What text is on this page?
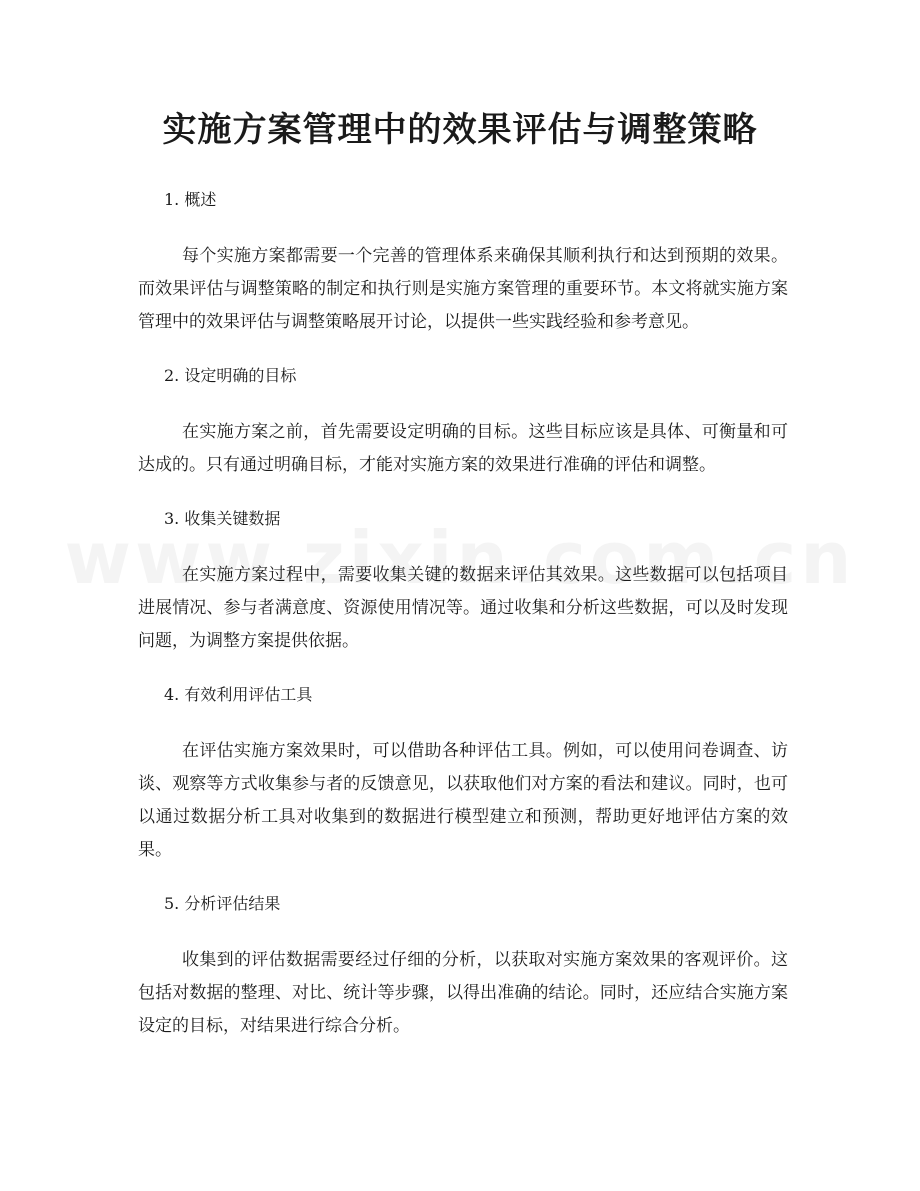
实施方案管理中的效果评估与调整策略

1. 概述

每个实施方案都需要一个完善的管理体系来确保其顺利执行和达到预期的效果。而效果评估与调整策略的制定和执行则是实施方案管理的重要环节。本文将就实施方案管理中的效果评估与调整策略展开讨论，以提供一些实践经验和参考意见。

2. 设定明确的目标

在实施方案之前，首先需要设定明确的目标。这些目标应该是具体、可衡量和可达成的。只有通过明确目标，才能对实施方案的效果进行准确的评估和调整。

3. 收集关键数据

在实施方案过程中，需要收集关键的数据来评估其效果。这些数据可以包括项目进展情况、参与者满意度、资源使用情况等。通过收集和分析这些数据，可以及时发现问题，为调整方案提供依据。

4. 有效利用评估工具

在评估实施方案效果时，可以借助各种评估工具。例如，可以使用问卷调查、访谈、观察等方式收集参与者的反馈意见，以获取他们对方案的看法和建议。同时，也可以通过数据分析工具对收集到的数据进行模型建立和预测，帮助更好地评估方案的效果。

5. 分析评估结果

收集到的评估数据需要经过仔细的分析，以获取对实施方案效果的客观评价。这包括对数据的整理、对比、统计等步骤，以得出准确的结论。同时，还应结合实施方案设定的目标，对结果进行综合分析。
